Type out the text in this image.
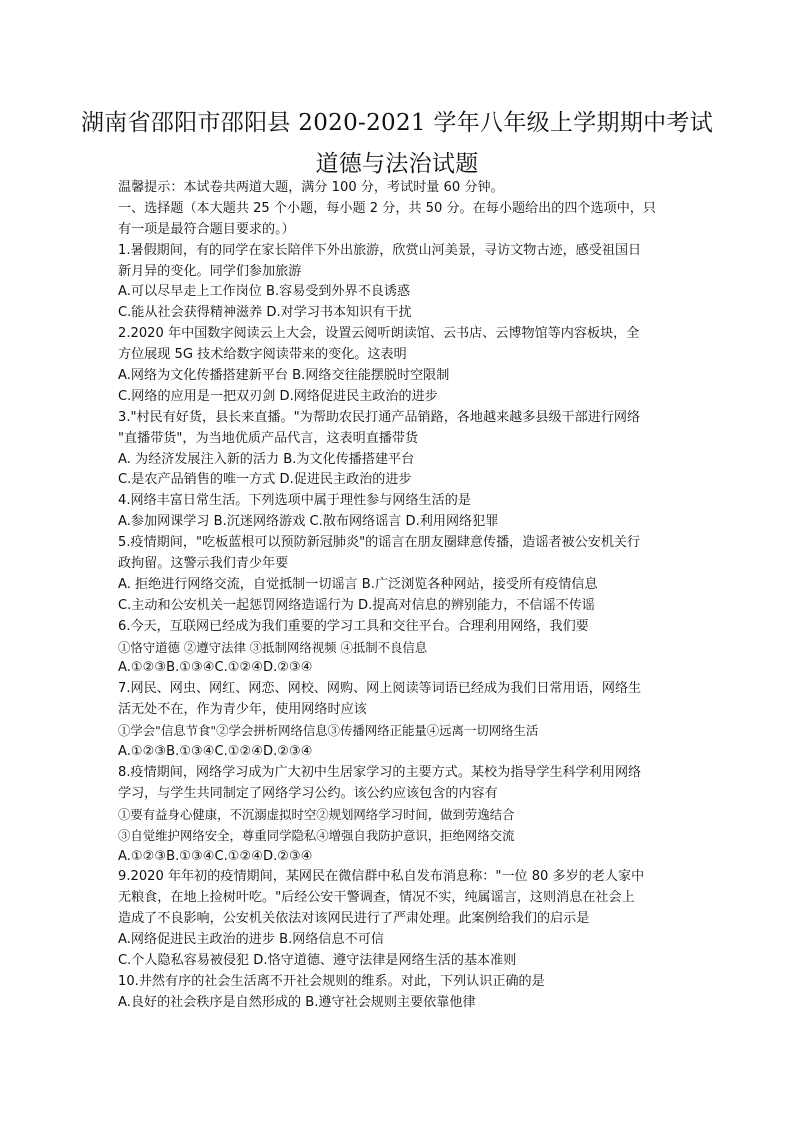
湖南省邵阳市邵阳县 2020-2021 学年八年级上学期期中考试
道德与法治试题
温馨提示：本试卷共两道大题，满分 100 分，考试时量 60 分钟。
一、选择题（本大题共 25 个小题，每小题 2 分，共 50 分。在每小题给出的四个选项中，只
有一项是最符合题目要求的。）
1.暑假期间，有的同学在家长陪伴下外出旅游，欣赏山河美景，寻访文物古迹，感受祖国日
新月异的变化。同学们参加旅游
A.可以尽早走上工作岗位 B.容易受到外界不良诱惑
C.能从社会获得精神滋养 D.对学习书本知识有干扰
2.2020 年中国数字阅读云上大会，设置云阅听朗读馆、云书店、云博物馆等内容板块，全
方位展现 5G 技术给数字阅读带来的变化。这表明
A.网络为文化传播搭建新平台 B.网络交往能摆脱时空限制
C.网络的应用是一把双刃剑 D.网络促进民主政治的进步
3."村民有好货，县长来直播。"为帮助农民打通产品销路，各地越来越多县级干部进行网络
"直播带货"，为当地优质产品代言，这表明直播带货
A. 为经济发展注入新的活力 B.为文化传播搭建平台
C.是农产品销售的唯一方式 D.促进民主政治的进步
4.网络丰富日常生活。下列选项中属于理性参与网络生活的是
A.参加网课学习 B.沉迷网络游戏 C.散布网络谣言 D.利用网络犯罪
5.疫情期间，"吃板蓝根可以预防新冠肺炎"的谣言在朋友圈肆意传播，造谣者被公安机关行
政拘留。这警示我们青少年要
A. 拒绝进行网络交流，自觉抵制一切谣言 B.广泛浏览各种网站，接受所有疫情信息
C.主动和公安机关一起惩罚网络造谣行为 D.提高对信息的辨别能力，不信谣不传谣
6.今天，互联网已经成为我们重要的学习工具和交往平台。合理利用网络，我们要
①恪守道德 ②遵守法律 ③抵制网络视频 ④抵制不良信息
A.①②③B.①③④C.①②④D.②③④
7.网民、网虫、网红、网恋、网校、网购、网上阅读等词语已经成为我们日常用语，网络生
活无处不在，作为青少年，使用网络时应该
①学会"信息节食"②学会拼析网络信息③传播网络正能量④远离一切网络生活
A.①②③B.①③④C.①②④D.②③④
8.疫情期间，网络学习成为广大初中生居家学习的主要方式。某校为指导学生科学利用网络
学习，与学生共同制定了网络学习公约。该公约应该包含的内容有
①要有益身心健康，不沉溺虚拟时空②规划网络学习时间，做到劳逸结合
③自觉维护网络安全，尊重同学隐私④增强自我防护意识，拒绝网络交流
A.①②③B.①③④C.①②④D.②③④
9.2020 年年初的疫情期间，某网民在微信群中私自发布消息称："一位 80 多岁的老人家中
无粮食，在地上捡树叶吃。"后经公安干警调查，情况不实，纯属谣言，这则消息在社会上
造成了不良影响，公安机关依法对该网民进行了严肃处理。此案例给我们的启示是
A.网络促进民主政治的进步 B.网络信息不可信
C.个人隐私容易被侵犯 D.恪守道德、遵守法律是网络生活的基本准则
10.井然有序的社会生活离不开社会规则的维系。对此，下列认识正确的是
A.良好的社会秩序是自然形成的 B.遵守社会规则主要依靠他律
